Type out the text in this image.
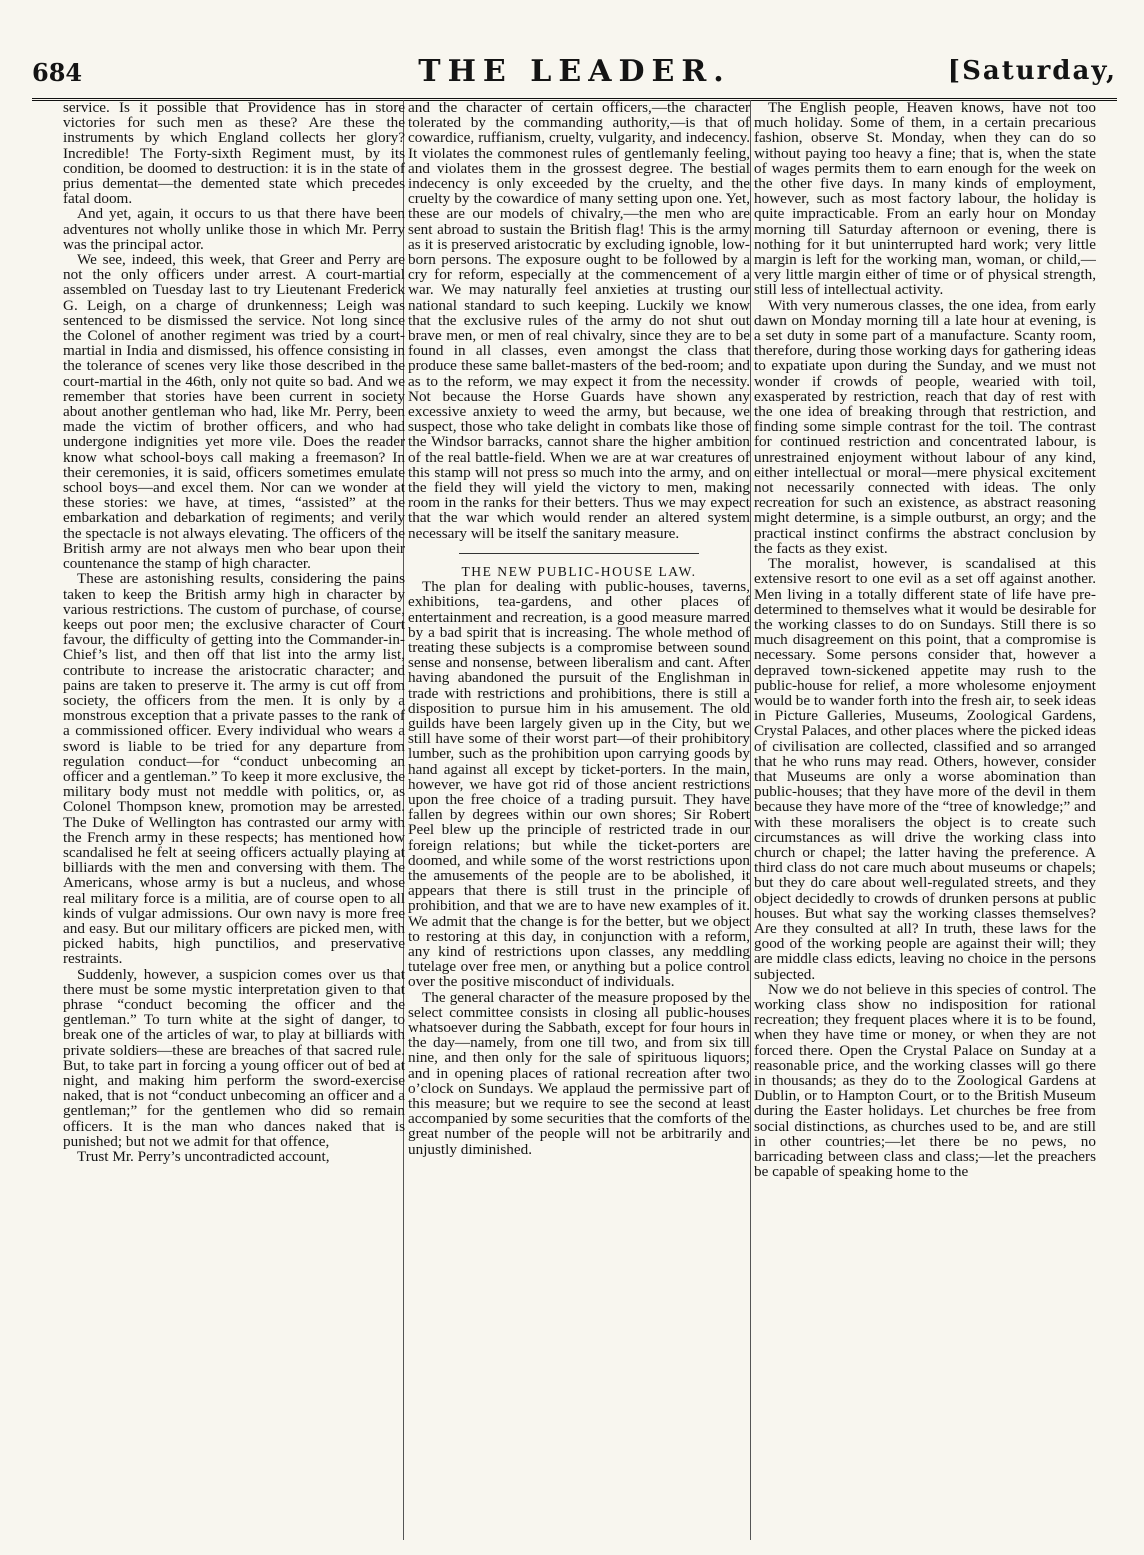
684	THE LEADER.	[Saturday,

service. Is it possible that Providence has in store victories for such men as these? Are these the instruments by which England collects her glory? Incredible! The Forty-sixth Regiment must, by its condition, be doomed to destruction: it is in the state of prius dementat—the demented state which precedes fatal doom.

And yet, again, it occurs to us that there have been adventures not wholly unlike those in which Mr. Perry was the principal actor.

We see, indeed, this week, that Greer and Perry are not the only officers under arrest. A court-martial assembled on Tuesday last to try Lieutenant Frederick G. Leigh, on a charge of drunkenness; Leigh was sentenced to be dismissed the service. Not long since the Colonel of another regiment was tried by a court-martial in India and dismissed, his offence consisting in the tolerance of scenes very like those described in the court-martial in the 46th, only not quite so bad. And we remember that stories have been current in society about another gentleman who had, like Mr. Perry, been made the victim of brother officers, and who had undergone indignities yet more vile. Does the reader know what school-boys call making a freemason? In their ceremonies, it is said, officers sometimes emulate school boys—and excel them. Nor can we wonder at these stories: we have, at times, “assisted” at the embarkation and debarkation of regiments; and verily the spectacle is not always elevating. The officers of the British army are not always men who bear upon their countenance the stamp of high character.

These are astonishing results, considering the pains taken to keep the British army high in character by various restrictions. The custom of purchase, of course, keeps out poor men; the exclusive character of Court favour, the difficulty of getting into the Commander-in-Chief’s list, and then off that list into the army list, contribute to increase the aristocratic character; and pains are taken to preserve it. The army is cut off from society, the officers from the men. It is only by a monstrous exception that a private passes to the rank of a commissioned officer. Every individual who wears a sword is liable to be tried for any departure from regulation conduct—for “conduct unbecoming an officer and a gentleman.” To keep it more exclusive, the military body must not meddle with politics, or, as Colonel Thompson knew, promotion may be arrested. The Duke of Wellington has contrasted our army with the French army in these respects; has mentioned how scandalised he felt at seeing officers actually playing at billiards with the men and conversing with them. The Americans, whose army is but a nucleus, and whose real military force is a militia, are of course open to all kinds of vulgar admissions. Our own navy is more free and easy. But our military officers are picked men, with picked habits, high punctilios, and preservative restraints.

Suddenly, however, a suspicion comes over us that there must be some mystic interpretation given to that phrase “conduct becoming the officer and the gentleman.” To turn white at the sight of danger, to break one of the articles of war, to play at billiards with private soldiers—these are breaches of that sacred rule. But, to take part in forcing a young officer out of bed at night, and making him perform the sword-exercise naked, that is not “conduct unbecoming an officer and a gentleman;” for the gentlemen who did so remain officers. It is the man who dances naked that is punished; but not we admit for that offence,

Trust Mr. Perry’s uncontradicted account,

and the character of certain officers,—the character tolerated by the commanding authority,—is that of cowardice, ruffianism, cruelty, vulgarity, and indecency. It violates the commonest rules of gentlemanly feeling, and violates them in the grossest degree. The bestial indecency is only exceeded by the cruelty, and the cruelty by the cowardice of many setting upon one. Yet, these are our models of chivalry,—the men who are sent abroad to sustain the British flag! This is the army as it is preserved aristocratic by excluding ignoble, low-born persons. The exposure ought to be followed by a cry for reform, especially at the commencement of a war. We may naturally feel anxieties at trusting our national standard to such keeping. Luckily we know that the exclusive rules of the army do not shut out brave men, or men of real chivalry, since they are to be found in all classes, even amongst the class that produce these same ballet-masters of the bed-room; and as to the reform, we may expect it from the necessity. Not because the Horse Guards have shown any excessive anxiety to weed the army, but because, we suspect, those who take delight in combats like those of the Windsor barracks, cannot share the higher ambition of the real battle-field. When we are at war creatures of this stamp will not press so much into the army, and on the field they will yield the victory to men, making room in the ranks for their betters. Thus we may expect that the war which would render an altered system necessary will be itself the sanitary measure.

THE NEW PUBLIC-HOUSE LAW.

The plan for dealing with public-houses, taverns, exhibitions, tea-gardens, and other places of entertainment and recreation, is a good measure marred by a bad spirit that is increasing. The whole method of treating these subjects is a compromise between sound sense and nonsense, between liberalism and cant. After having abandoned the pursuit of the Englishman in trade with restrictions and prohibitions, there is still a disposition to pursue him in his amusement. The old guilds have been largely given up in the City, but we still have some of their worst part—of their prohibitory lumber, such as the prohibition upon carrying goods by hand against all except by ticket-porters. In the main, however, we have got rid of those ancient restrictions upon the free choice of a trading pursuit. They have fallen by degrees within our own shores; Sir Robert Peel blew up the principle of restricted trade in our foreign relations; but while the ticket-porters are doomed, and while some of the worst restrictions upon the amusements of the people are to be abolished, it appears that there is still trust in the principle of prohibition, and that we are to have new examples of it. We admit that the change is for the better, but we object to restoring at this day, in conjunction with a reform, any kind of restrictions upon classes, any meddling tutelage over free men, or anything but a police control over the positive misconduct of individuals.

The general character of the measure proposed by the select committee consists in closing all public-houses whatsoever during the Sabbath, except for four hours in the day—namely, from one till two, and from six till nine, and then only for the sale of spirituous liquors; and in opening places of rational recreation after two o’clock on Sundays. We applaud the permissive part of this measure; but we require to see the second at least accompanied by some securities that the comforts of the great number of the people will not be arbitrarily and unjustly diminished.

The English people, Heaven knows, have not too much holiday. Some of them, in a certain precarious fashion, observe St. Monday, when they can do so without paying too heavy a fine; that is, when the state of wages permits them to earn enough for the week on the other five days. In many kinds of employment, however, such as most factory labour, the holiday is quite impracticable. From an early hour on Monday morning till Saturday afternoon or evening, there is nothing for it but uninterrupted hard work; very little margin is left for the working man, woman, or child,—very little margin either of time or of physical strength, still less of intellectual activity.

With very numerous classes, the one idea, from early dawn on Monday morning till a late hour at evening, is a set duty in some part of a manufacture. Scanty room, therefore, during those working days for gathering ideas to expatiate upon during the Sunday, and we must not wonder if crowds of people, wearied with toil, exasperated by restriction, reach that day of rest with the one idea of breaking through that restriction, and finding some simple contrast for the toil. The contrast for continued restriction and concentrated labour, is unrestrained enjoyment without labour of any kind, either intellectual or moral—mere physical excitement not necessarily connected with ideas. The only recreation for such an existence, as abstract reasoning might determine, is a simple outburst, an orgy; and the practical instinct confirms the abstract conclusion by the facts as they exist.

The moralist, however, is scandalised at this extensive resort to one evil as a set off against another. Men living in a totally different state of life have pre-determined to themselves what it would be desirable for the working classes to do on Sundays. Still there is so much disagreement on this point, that a compromise is necessary. Some persons consider that, however a depraved town-sickened appetite may rush to the public-house for relief, a more wholesome enjoyment would be to wander forth into the fresh air, to seek ideas in Picture Galleries, Museums, Zoological Gardens, Crystal Palaces, and other places where the picked ideas of civilisation are collected, classified and so arranged that he who runs may read. Others, however, consider that Museums are only a worse abomination than public-houses; that they have more of the devil in them because they have more of the “tree of knowledge;” and with these moralisers the object is to create such circumstances as will drive the working class into church or chapel; the latter having the preference. A third class do not care much about museums or chapels; but they do care about well-regulated streets, and they object decidedly to crowds of drunken persons at public houses. But what say the working classes themselves? Are they consulted at all? In truth, these laws for the good of the working people are against their will; they are middle class edicts, leaving no choice in the persons subjected.

Now we do not believe in this species of control. The working class show no indisposition for rational recreation; they frequent places where it is to be found, when they have time or money, or when they are not forced there. Open the Crystal Palace on Sunday at a reasonable price, and the working classes will go there in thousands; as they do to the Zoological Gardens at Dublin, or to Hampton Court, or to the British Museum during the Easter holidays. Let churches be free from social distinctions, as churches used to be, and are still in other countries;—let there be no pews, no barricading between class and class;—let the preachers be capable of speaking home to the
